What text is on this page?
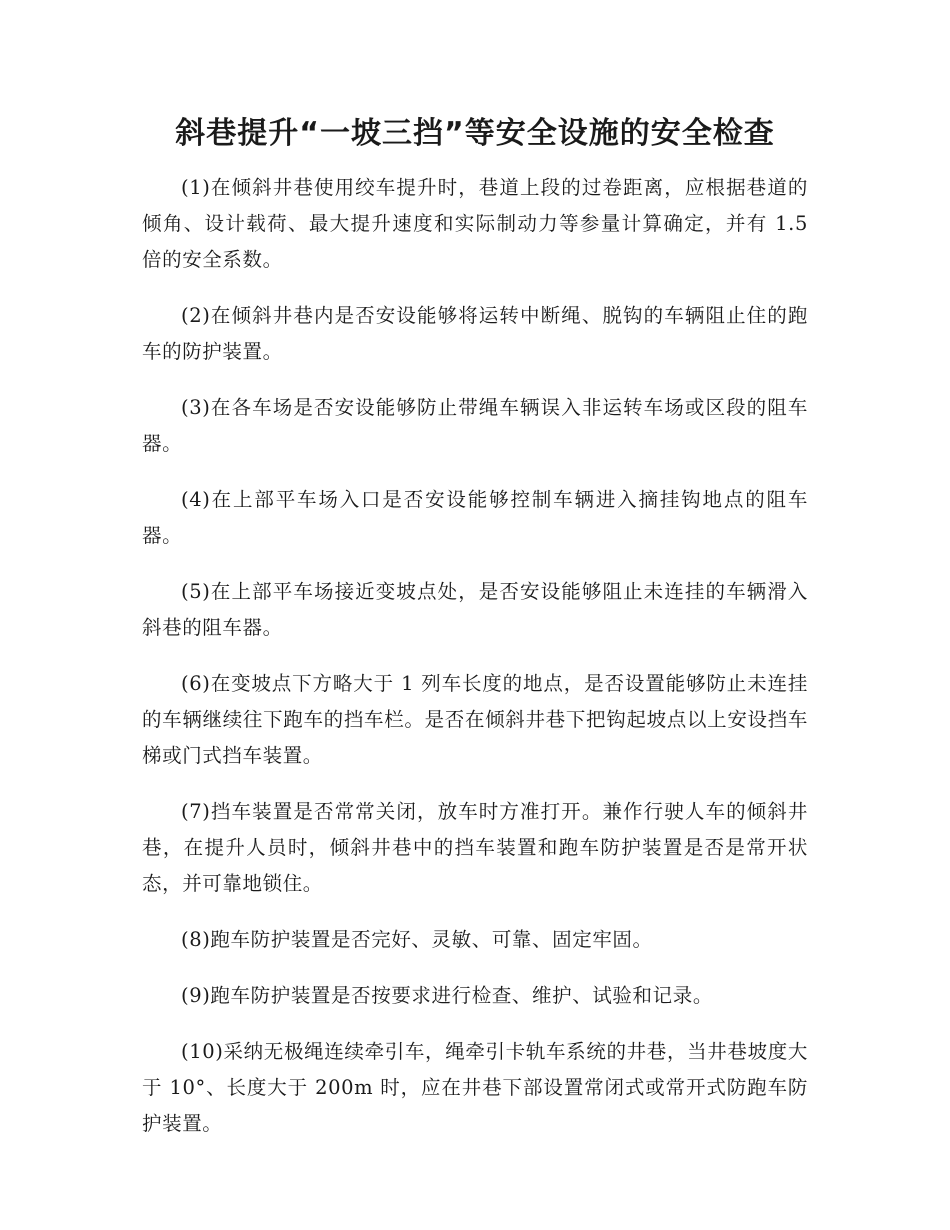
斜巷提升“一坡三挡”等安全设施的安全检查

(1)在倾斜井巷使用绞车提升时，巷道上段的过卷距离，应根据巷道的倾角、设计载荷、最大提升速度和实际制动力等参量计算确定，并有 1.5 倍的安全系数。

(2)在倾斜井巷内是否安设能够将运转中断绳、脱钩的车辆阻止住的跑车的防护装置。

(3)在各车场是否安设能够防止带绳车辆误入非运转车场或区段的阻车器。

(4)在上部平车场入口是否安设能够控制车辆进入摘挂钩地点的阻车器。

(5)在上部平车场接近变坡点处，是否安设能够阻止未连挂的车辆滑入斜巷的阻车器。

(6)在变坡点下方略大于 1 列车长度的地点，是否设置能够防止未连挂的车辆继续往下跑车的挡车栏。是否在倾斜井巷下把钩起坡点以上安设挡车梯或门式挡车装置。

(7)挡车装置是否常常关闭，放车时方准打开。兼作行驶人车的倾斜井巷，在提升人员时，倾斜井巷中的挡车装置和跑车防护装置是否是常开状态，并可靠地锁住。

(8)跑车防护装置是否完好、灵敏、可靠、固定牢固。

(9)跑车防护装置是否按要求进行检查、维护、试验和记录。

(10)采纳无极绳连续牵引车，绳牵引卡轨车系统的井巷，当井巷坡度大于 10°、长度大于 200m 时，应在井巷下部设置常闭式或常开式防跑车防护装置。
